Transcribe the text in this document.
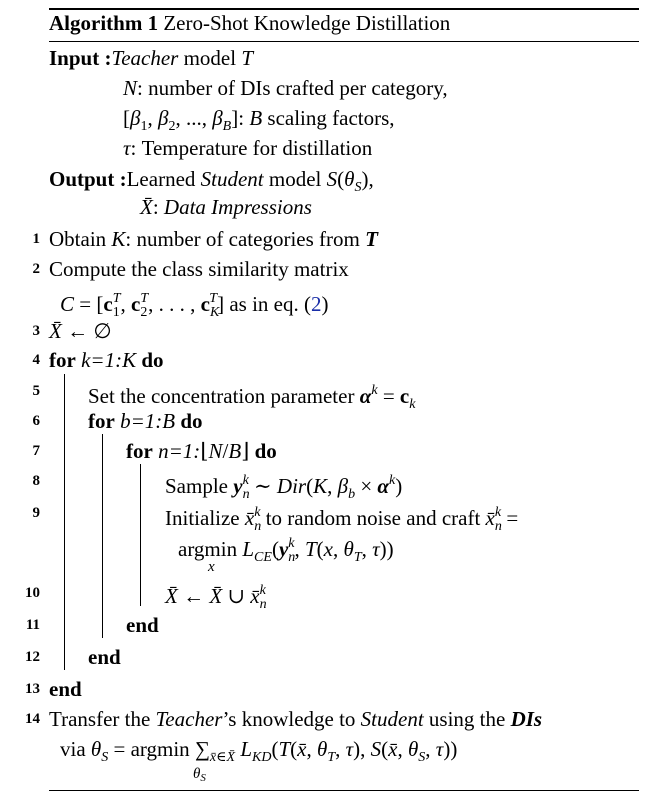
Algorithm 1 Zero-Shot Knowledge Distillation
Input :Teacher model T
N: number of DIs crafted per category,
[$\beta_1$, $\beta_2$, ..., $\beta_B$]: B scaling factors,
τ: Temperature for distillation
Output :Learned Student model $S(\theta_S)$,
X̄: Data Impressions
1
2
3
4
5
6
7
8
9
10
11
12
13
14
Obtain K: number of categories from T
Compute the class similarity matrix
$C = [c_1^T$, $c_2^T$, . . . , $c_K^T$] as in eq. (2)
X̄ ← ∅
for k=1:K do
Set the concentration parameter $\alpha^k = c_k$
for b=1:B do
for n=1:⌊N/B⌋ do
Sample $y_n^k$ ∼ Dir(K, $\beta_b \times \alpha^k$)
Initialize $x̄_n^k$ to random noise and craft $x̄_n^k$ =
argmin $L_{CE}(y_n^k$, T(x, $\theta_T$, τ))
x
X̄ ← X̄ ∪ $x̄_n^k$
end
end
end
Transfer the Teacher’s knowledge to Student using the DIs
via $\theta_S = argmin$ $\sum_{x̄\in X̄}$ $L_{KD}(T(x̄$, $\theta_T$, τ), S(x̄, $\theta_S$, τ))
$\theta_S$
